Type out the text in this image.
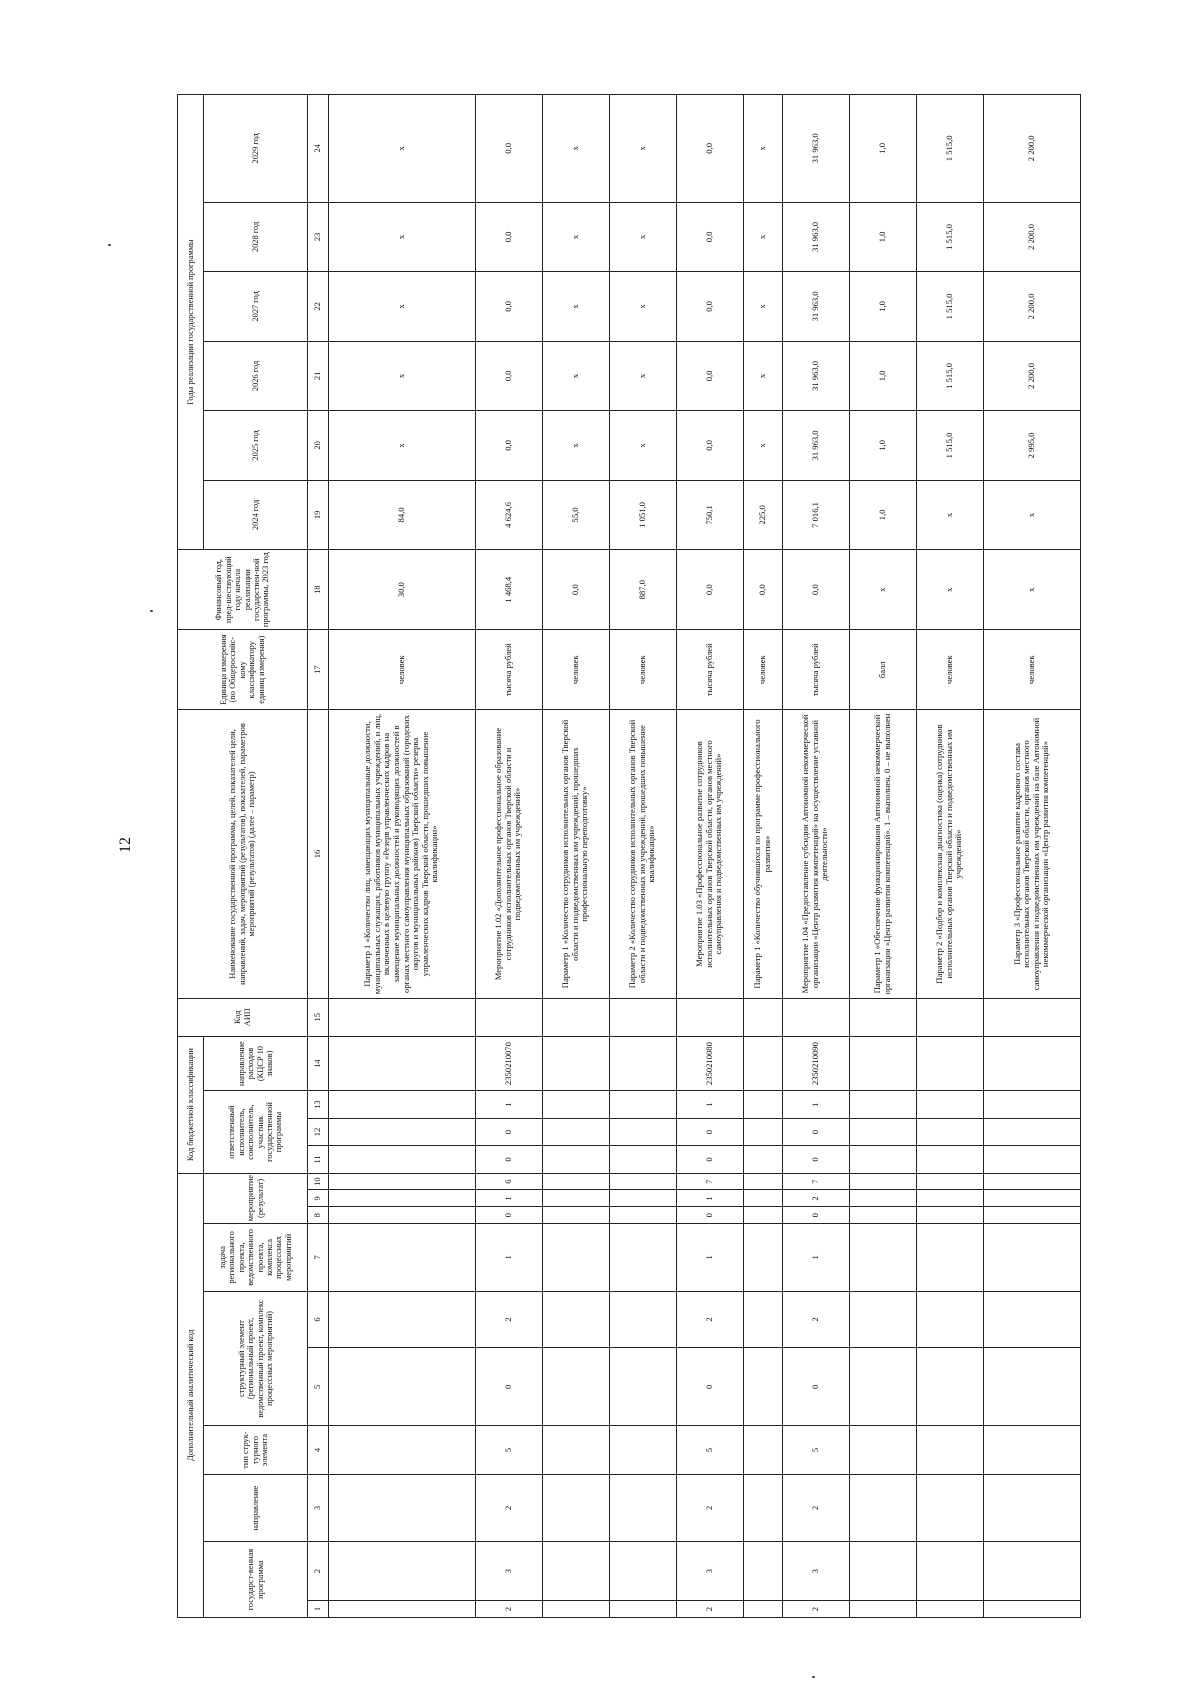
12
Дополнительный аналитический код										Код бюджетной классификации				Код АИП	Наименование государственной программы, целей, показателей цели, направлений, задач, мероприятий (результатов), показателей, параметров мероприятий (результатов) (далее – параметр)	Единица измерения (по Общероссийс-кому классификатору единиц измерения)	Финансовый год, пред-шествующий году начала реализации государствен-ной программы, 2023 год	Годы реализации государственной программы					
государст-венная программа		направление	тип струк-турного элемента	структурный элемент (региональный проект, ведомственный проект, комплекс процессных мероприятий)		задача регионального проекта, ведомственного проекта, комплекса процессных мероприятий	мероприятие (результат)			ответственный исполнитель, соисполнитель, участник государственной программы			направление расходов (КЦСР 10 знаков)					2024 год	2025 год	2026 год	2027 год	2028 год	2029 год
1	2	3	4	5	6	7	8	9	10	11	12	13	14	15	16	17	18	19	20	21	22	23	24
															Параметр 1 «Количество лиц, замещающих муниципальные должности, муниципальных служащих, работников муниципальных учреждений, и лиц, включенных в целевую группу «Резерв управленческих кадров на замещение муниципальных должностей и руководящих должностей в органах местного самоуправления муниципальных образований (городских округов и муниципальных районов) Тверской области» резерва управленческих кадров Тверской области, прошедших повышение квалификации»	человек	30,0	84,0	x	x	x	x	x
2	3	2	5	0	2	1	0	1	6	0	0	1	2350210070		Мероприятие 1.02 «Дополнительное профессиональное образование сотрудников исполнительных органов Тверской области и подведомственных им учреждений»	тысяча рублей	1 468,4	4 624,6	0,0	0,0	0,0	0,0	0,0
															Параметр 1 «Количество сотрудников исполнительных органов Тверской области и подведомственных им учреждений, прошедших профессиональную переподготовку»	человек	0,0	55,0	x	x	x	x	x
															Параметр 2 «Количество сотрудников исполнительных органов Тверской области и подведомственных им учреждений, прошедших повышение квалификации»	человек	887,0	1 051,0	x	x	x	x	x
2	3	2	5	0	2	1	0	1	7	0	0	1	2350210080		Мероприятие 1.03 «Профессиональное развитие сотрудников исполнительных органов Тверской области, органов местного самоуправления и подведомственных им учреждений»	тысяча рублей	0,0	750,1	0,0	0,0	0,0	0,0	0,0
															Параметр 1 «Количество обучившихся по программе профессионального развития»	человек	0,0	225,0	x	x	x	x	x
2	3	2	5	0	2	1	0	2	7	0	0	1	2350210090		Мероприятие 1.04 «Предоставление субсидии Автономной некоммерческой организации «Центр развития компетенций» на осуществление уставной деятельности»	тысяча рублей	0,0	7 016,1	31 963,0	31 963,0	31 963,0	31 963,0	31 963,0
															Параметр 1 «Обеспечение функционирования Автономной некоммерческой организации «Центр развития компетенций». 1 – выполнен, 0 – не выполнен	балл	x	1,0	1,0	1,0	1,0	1,0	1,0
															Параметр 2 «Подбор и комплексная диагностика (оценка) сотрудников исполнительных органов Тверской области и подведомственных им учреждений»	человек	x	x	1 515,0	1 515,0	1 515,0	1 515,0	1 515,0
															Параметр 3 «Профессиональное развитие кадрового состава исполнительных органов Тверской области, органов местного самоуправления и подведомственных им учреждений на базе Автономной некоммерческой организации «Центр развития компетенций»	человек	x	x	2 995,0	2 200,0	2 200,0	2 200,0	2 200,0
